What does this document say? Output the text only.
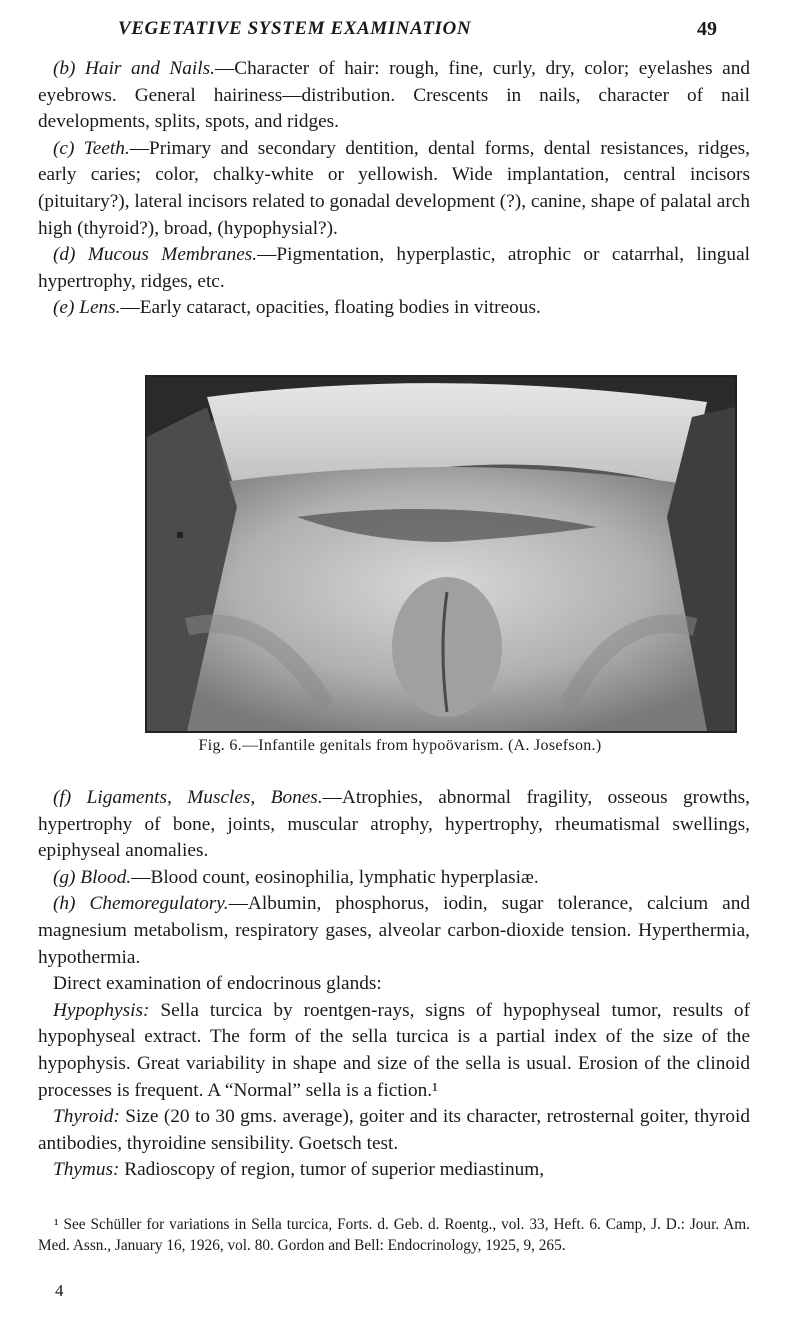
VEGETATIVE SYSTEM EXAMINATION	49

(b) Hair and Nails.—Character of hair: rough, fine, curly, dry, color; eyelashes and eyebrows. General hairiness—distribution. Crescents in nails, character of nail developments, splits, spots, and ridges.

(c) Teeth.—Primary and secondary dentition, dental forms, dental resistances, ridges, early caries; color, chalky-white or yellowish. Wide implantation, central incisors (pituitary?), lateral incisors related to gonadal development (?), canine, shape of palatal arch high (thyroid?), broad, (hypophysial?).

(d) Mucous Membranes.—Pigmentation, hyperplastic, atrophic or catarrhal, lingual hypertrophy, ridges, etc.

(e) Lens.—Early cataract, opacities, floating bodies in vitreous.

Fig. 6.—Infantile genitals from hypoövarism. (A. Josefson.)

(f) Ligaments, Muscles, Bones.—Atrophies, abnormal fragility, osseous growths, hypertrophy of bone, joints, muscular atrophy, hypertrophy, rheumatismal swellings, epiphyseal anomalies.

(g) Blood.—Blood count, eosinophilia, lymphatic hyperplasiæ.

(h) Chemoregulatory.—Albumin, phosphorus, iodin, sugar tolerance, calcium and magnesium metabolism, respiratory gases, alveolar carbon-dioxide tension. Hyperthermia, hypothermia.

Direct examination of endocrinous glands:

Hypophysis: Sella turcica by roentgen-rays, signs of hypophyseal tumor, results of hypophyseal extract. The form of the sella turcica is a partial index of the size of the hypophysis. Great variability in shape and size of the sella is usual. Erosion of the clinoid processes is frequent. A “Normal” sella is a fiction.¹

Thyroid: Size (20 to 30 gms. average), goiter and its character, retrosternal goiter, thyroid antibodies, thyroidine sensibility. Goetsch test.

Thymus: Radioscopy of region, tumor of superior mediastinum,

¹ See Schüller for variations in Sella turcica, Forts. d. Geb. d. Roentg., vol. 33, Heft. 6. Camp, J. D.: Jour. Am. Med. Assn., January 16, 1926, vol. 80. Gordon and Bell: Endocrinology, 1925, 9, 265.

4
